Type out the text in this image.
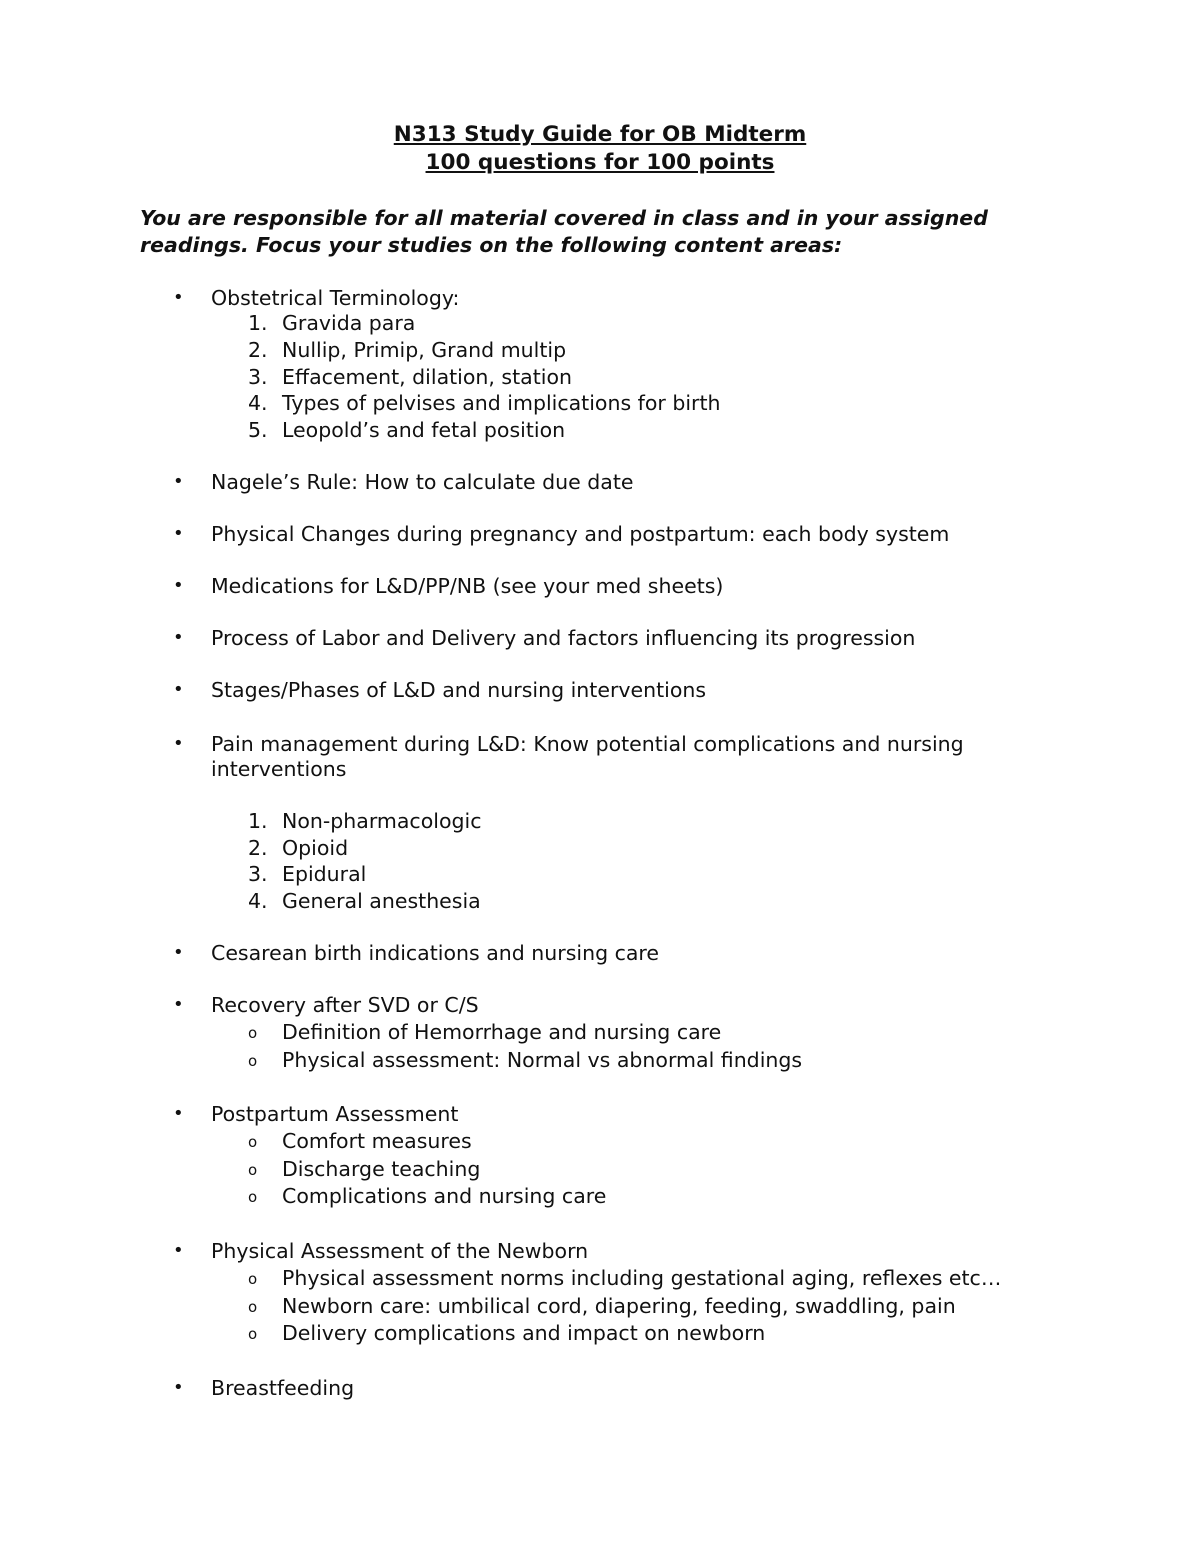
N313 Study Guide for OB Midterm
100 questions for 100 points
You are responsible for all material covered in class and in your assigned
readings. Focus your studies on the following content areas:
• Obstetrical Terminology:
1. Gravida para
2. Nullip, Primip, Grand multip
3. Effacement, dilation, station
4. Types of pelvises and implications for birth
5. Leopold’s and fetal position
• Nagele’s Rule: How to calculate due date
• Physical Changes during pregnancy and postpartum: each body system
• Medications for L&D/PP/NB (see your med sheets)
• Process of Labor and Delivery and factors influencing its progression
• Stages/Phases of L&D and nursing interventions
• Pain management during L&D: Know potential complications and nursing
interventions
1. Non-pharmacologic
2. Opioid
3. Epidural
4. General anesthesia
• Cesarean birth indications and nursing care
• Recovery after SVD or C/S
o Definition of Hemorrhage and nursing care
o Physical assessment: Normal vs abnormal findings
• Postpartum Assessment
o Comfort measures
o Discharge teaching
o Complications and nursing care
• Physical Assessment of the Newborn
o Physical assessment norms including gestational aging, reflexes etc…
o Newborn care: umbilical cord, diapering, feeding, swaddling, pain
o Delivery complications and impact on newborn
• Breastfeeding
